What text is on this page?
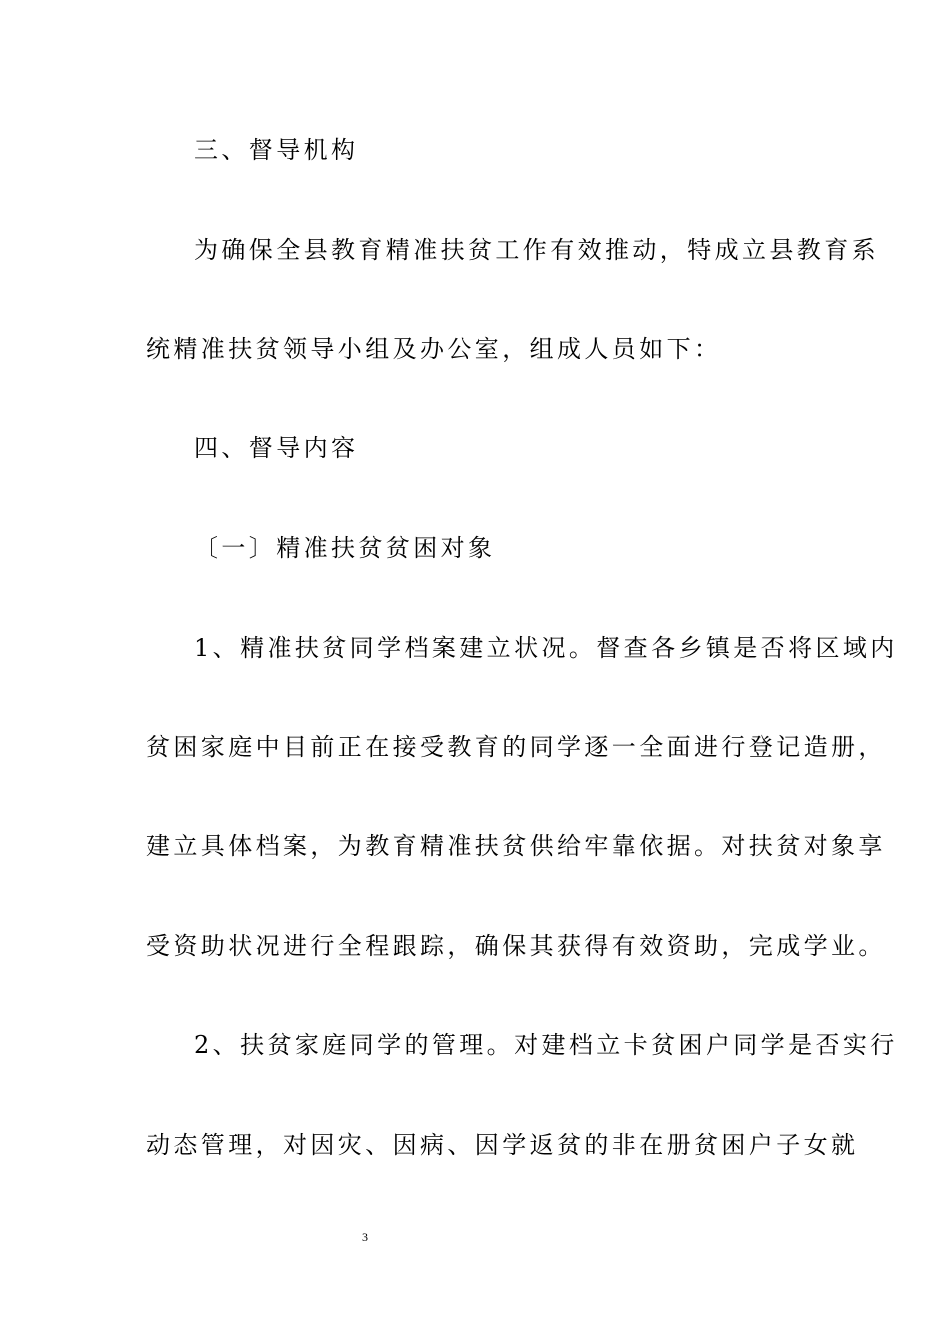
三、督导机构
为确保全县教育精准扶贫工作有效推动，特成立县教育系
统精准扶贫领导小组及办公室，组成人员如下：
四、督导内容
〔一〕精准扶贫贫困对象
1、精准扶贫同学档案建立状况。督查各乡镇是否将区域内
贫困家庭中目前正在接受教育的同学逐一全面进行登记造册，
建立具体档案，为教育精准扶贫供给牢靠依据。对扶贫对象享
受资助状况进行全程跟踪，确保其获得有效资助，完成学业。
2、扶贫家庭同学的管理。对建档立卡贫困户同学是否实行
动态管理，对因灾、因病、因学返贫的非在册贫困户子女就
3
